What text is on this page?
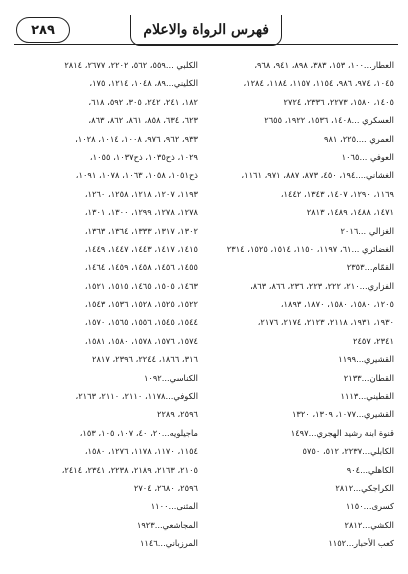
فهرس الرواة والاعلام
٢٨٩
العطار...١٠٠، ١٥٣، ٣٨٣، ٨٩٨، ٩٤١، ٩٦٨،
١٠٤٥، ٩٧٤، ٩٨٦، ١١٥٤، ١١٥٧، ١١٨٤، ١٢٨٤،
١٤٠٥، ١٥٨٠، ٢٢٧٣، ٢٣٣٦، ٢٧٢٤
العسكري ...١٤٠٨، ١٥٣٦، ١٩٢٢، ٢٦٥٥
العمري ....٢٢٥، ٩٨١
العوفي ...١٠٦٥
الغشاني....١٩٤، ٤٥٠، ٨٧٣، ٨٨٧، ٩٧١، ١١٦١،
١١٦٩، ١٢٩٠، ١٤٠٧، ١٣٤٣، ١٤٤٢،
١٤٧١، ١٤٨٨، ١٤٨٩، ٢٨١٣
الغزالي ...٢٠١٦
الغضائري ...٦١، ١١٩٧، ١١٥٠، ١٥١٤، ١٥٢٥، ٢٣١٤
القمّام...٢٣٥٣
الفزاري...٢١٠، ٢٢٢، ٢٢٣، ٢٣٦، ٨٦٦، ٨٦٣،
١٢٠٥، ١٥٨٠، ١٥٨٠، ١٨٧٠، ١٨٩٣،
١٩٣٠، ١٩٣١، ٢١١٨، ٢١٢٣، ٢١٧٤، ٢١٧٦،
٢٣٤١، ٢٤٥٧
القشيري...١١٩٩
القطان...٢١٣٣
القطيني...١١١٣
القشيري...١٠٧٧، ١٣٠٩، ١٣٢٠
قنوة ابنة رشيد الهجري...١٤٩٧
الكابلي...٢٢٣٧، ٥١٢، ٥٧٥٠
الكاهلي...٩٠٤
الكراجكي...٢٨١٢
كسرى...١١٥٠
الكشي...٢٨١٢
كعب الأحبار...١١٥٢
الكلبي ...٥٥٩، ٥٦٢، ٢٢٠٢، ٢٦٧٧، ٢٨١٤
الكليني...٨٩، ١٠٤٨، ١٢١٤، ١٧٥،
١٨٢، ٢٤١، ٢٤٢، ٣٠٥، ٥٩٢، ٦١٨،
٦٢٣، ٦٣٤، ٨٥٨، ٨٦١، ٨٦٢، ٨٦٣،
٩٣٣، ٩٦٢، ٩٧٦، ١٠٠٨، ١٠١٤، ١٠٢٨،
١٠٢٩، ذح١٠٣٥، ذح١٠٣٧، ١٠٥٥،
ذح١٠٥١، ١٠٥٨، ١٠٦٣، ١٠٧٨، ١٠٩١،
١١٩٣، ١٢٠٧، ١٢١٨، ١٢٥٨، ١٢٦٠،
١٢٧٨، ١٢٧٨، ١٢٩٩، ١٣٠٠، ١٣٠١،
١٣٠٢، ١٣١٧، ١٣٣٣، ١٣٦٤، ١٣٦٣،
١٤١٥، ١٤١٧، ١٤٤٣، ١٤٤٧، ١٤٤٩،
١٤٥٥، ١٤٥٦، ١٤٥٨، ١٤٥٩، ١٤٦٤،
١٤٦٣، ١٥٠٥، ١٤٦٥، ١٥١٥، ١٥٢١،
١٥٢٢، ١٥٢٥، ١٥٢٨، ١٥٣٦، ١٥٤٣،
١٥٤٤، ١٥٤٥، ١٥٥٦، ١٥٦٥، ١٥٧٠،
١٥٧٤، ١٥٧٦، ١٥٧٨، ١٥٨٠، ١٥٨١،
٣١٦، ١٨٦٦، ٢٢٤٤، ٢٣٩٦، ٢٨١٧
الكناسي...١٠٩٢
الكوفي...١١٧٨، ٢١١٠، ٢١١٠، ٢١٦٣،
٢٥٩٦، ٢٢٨٩
ماجيلويه...٢٠، ٤٠، ١٠٧، ١٠٥، ١٥٣،
١١٥٤، ١١٧٠، ١١٧٨، ١٢٧٦، ١٥٨٠،
٢١٠٥، ٢١٦٣، ٢١٨٩، ٢٢٣٨، ٢٣٤١، ٢٤١٤،
٢٥٩٦، ٢٦٨٠، ٢٧٠٤
المثنى...١١٠٠
المجاشعي...١٩٢٣
المرزباني...١١٤٦
